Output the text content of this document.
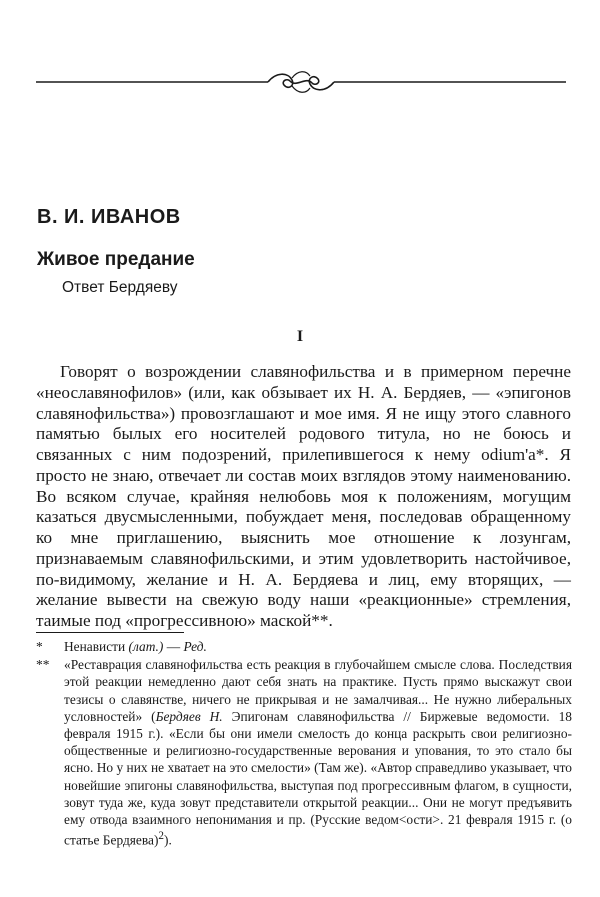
В. И. ИВАНОВ
Живое предание

Ответ Бердяеву

I

Говорят о возрождении славянофильства и в примерном перечне «неославянофилов» (или, как обзывает их Н. А. Бердяев, — «эпигонов славянофильства») провозглашают и мое имя. Я не ищу этого славного памятью былых его носителей родового титула, но не боюсь и связанных с ним подозрений, прилепившегося к нему odium'a*. Я просто не знаю, отвечает ли состав моих взглядов этому наименованию. Во всяком случае, крайняя нелюбовь моя к положениям, могущим казаться двусмысленными, побуждает меня, последовав обращенному ко мне приглашению, выяснить мое отношение к лозунгам, признаваемым славянофильскими, и этим удовлетворить настойчивое, по-видимому, желание и Н. А. Бердяева и лиц, ему вторящих, — желание вывести на свежую воду наши «реакционные» стремления, таимые под «прогрессивною» маской**.

*	Ненависти (лат.) — Ред.

**	«Реставрация славянофильства есть реакция в глубочайшем смысле слова. Последствия этой реакции немедленно дают себя знать на практике. Пусть прямо выскажут свои тезисы о славянстве, ничего не прикрывая и не замалчивая... Не нужно либеральных условностей» (Бердяев Н. Эпигонам славянофильства // Биржевые ведомости. 18 февраля 1915 г.). «Если бы они имели смелость до конца раскрыть свои религиозно-общественные и религиозно-государственные верования и упования, то это стало бы ясно. Но у них не хватает на это смелости» (Там же). «Автор справедливо указывает, что новейшие эпигоны славянофильства, выступая под прогрессивным флагом, в сущности, зовут туда же, куда зовут представители открытой реакции... Они не могут предъявить ему отвода взаимного непонимания и пр. (Русские ведом<ости>. 21 февраля 1915 г. (о статье Бердяева)$^2$).
